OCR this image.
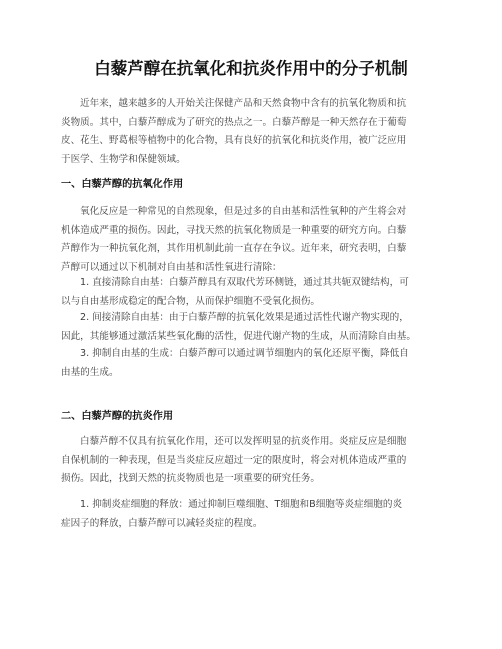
白藜芦醇在抗氧化和抗炎作用中的分子机制

近年来，越来越多的人开始关注保健产品和天然食物中含有的抗氧化物质和抗
炎物质。其中，白藜芦醇成为了研究的热点之一。白藜芦醇是一种天然存在于葡萄
皮、花生、野葛根等植物中的化合物，具有良好的抗氧化和抗炎作用，被广泛应用
于医学、生物学和保健领域。

一、白藜芦醇的抗氧化作用

氧化反应是一种常见的自然现象，但是过多的自由基和活性氧种的产生将会对
机体造成严重的损伤。因此，寻找天然的抗氧化物质是一种重要的研究方向。白藜
芦醇作为一种抗氧化剂，其作用机制此前一直存在争议。近年来，研究表明，白藜
芦醇可以通过以下机制对自由基和活性氧进行清除：

1. 直接清除自由基：白藜芦醇具有双取代芳环侧链，通过其共轭双键结构，可
以与自由基形成稳定的配合物，从而保护细胞不受氧化损伤。

2. 间接清除自由基：由于白藜芦醇的抗氧化效果是通过活性代谢产物实现的，
因此，其能够通过激活某些氧化酶的活性，促进代谢产物的生成，从而清除自由基。

3. 抑制自由基的生成：白藜芦醇可以通过调节细胞内的氧化还原平衡，降低自
由基的生成。

二、白藜芦醇的抗炎作用

白藜芦醇不仅具有抗氧化作用，还可以发挥明显的抗炎作用。炎症反应是细胞
自保机制的一种表现，但是当炎症反应超过一定的限度时，将会对机体造成严重的
损伤。因此，找到天然的抗炎物质也是一项重要的研究任务。

1. 抑制炎症细胞的释放：通过抑制巨噬细胞、T细胞和B细胞等炎症细胞的炎
症因子的释放，白藜芦醇可以减轻炎症的程度。
